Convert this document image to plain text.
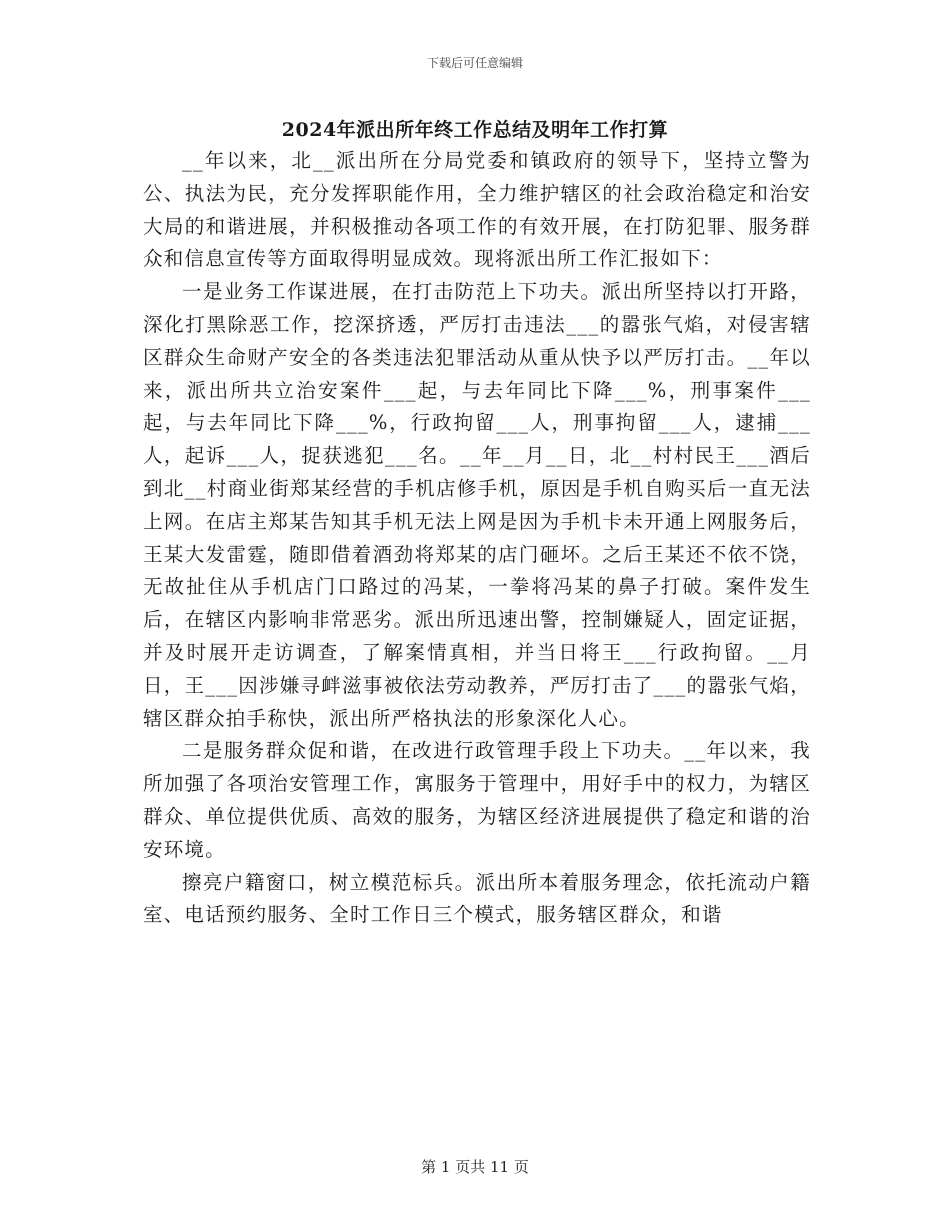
下载后可任意编辑
2024年派出所年终工作总结及明年工作打算

__年以来，北__派出所在分局党委和镇政府的领导下，坚持立警为公、执法为民，充分发挥职能作用，全力维护辖区的社会政治稳定和治安大局的和谐进展，并积极推动各项工作的有效开展，在打防犯罪、服务群众和信息宣传等方面取得明显成效。现将派出所工作汇报如下：

一是业务工作谋进展，在打击防范上下功夫。派出所坚持以打开路，深化打黑除恶工作，挖深挤透，严厉打击违法___的嚣张气焰，对侵害辖区群众生命财产安全的各类违法犯罪活动从重从快予以严厉打击。__年以来，派出所共立治安案件___起，与去年同比下降___%，刑事案件___起，与去年同比下降___%，行政拘留___人，刑事拘留___人，逮捕___人，起诉___人，捉获逃犯___名。__年__月__日，北__村村民王___酒后到北__村商业街郑某经营的手机店修手机，原因是手机自购买后一直无法上网。在店主郑某告知其手机无法上网是因为手机卡未开通上网服务后，王某大发雷霆，随即借着酒劲将郑某的店门砸坏。之后王某还不依不饶，无故扯住从手机店门口路过的冯某，一拳将冯某的鼻子打破。案件发生后，在辖区内影响非常恶劣。派出所迅速出警，控制嫌疑人，固定证据，并及时展开走访调查，了解案情真相，并当日将王___行政拘留。__月日，王___因涉嫌寻衅滋事被依法劳动教养，严厉打击了___的嚣张气焰，辖区群众拍手称快，派出所严格执法的形象深化人心。

二是服务群众促和谐，在改进行政管理手段上下功夫。__年以来，我所加强了各项治安管理工作，寓服务于管理中，用好手中的权力，为辖区群众、单位提供优质、高效的服务，为辖区经济进展提供了稳定和谐的治安环境。

擦亮户籍窗口，树立模范标兵。派出所本着服务理念，依托流动户籍室、电话预约服务、全时工作日三个模式，服务辖区群众，和谐

第 1 页共 11 页
